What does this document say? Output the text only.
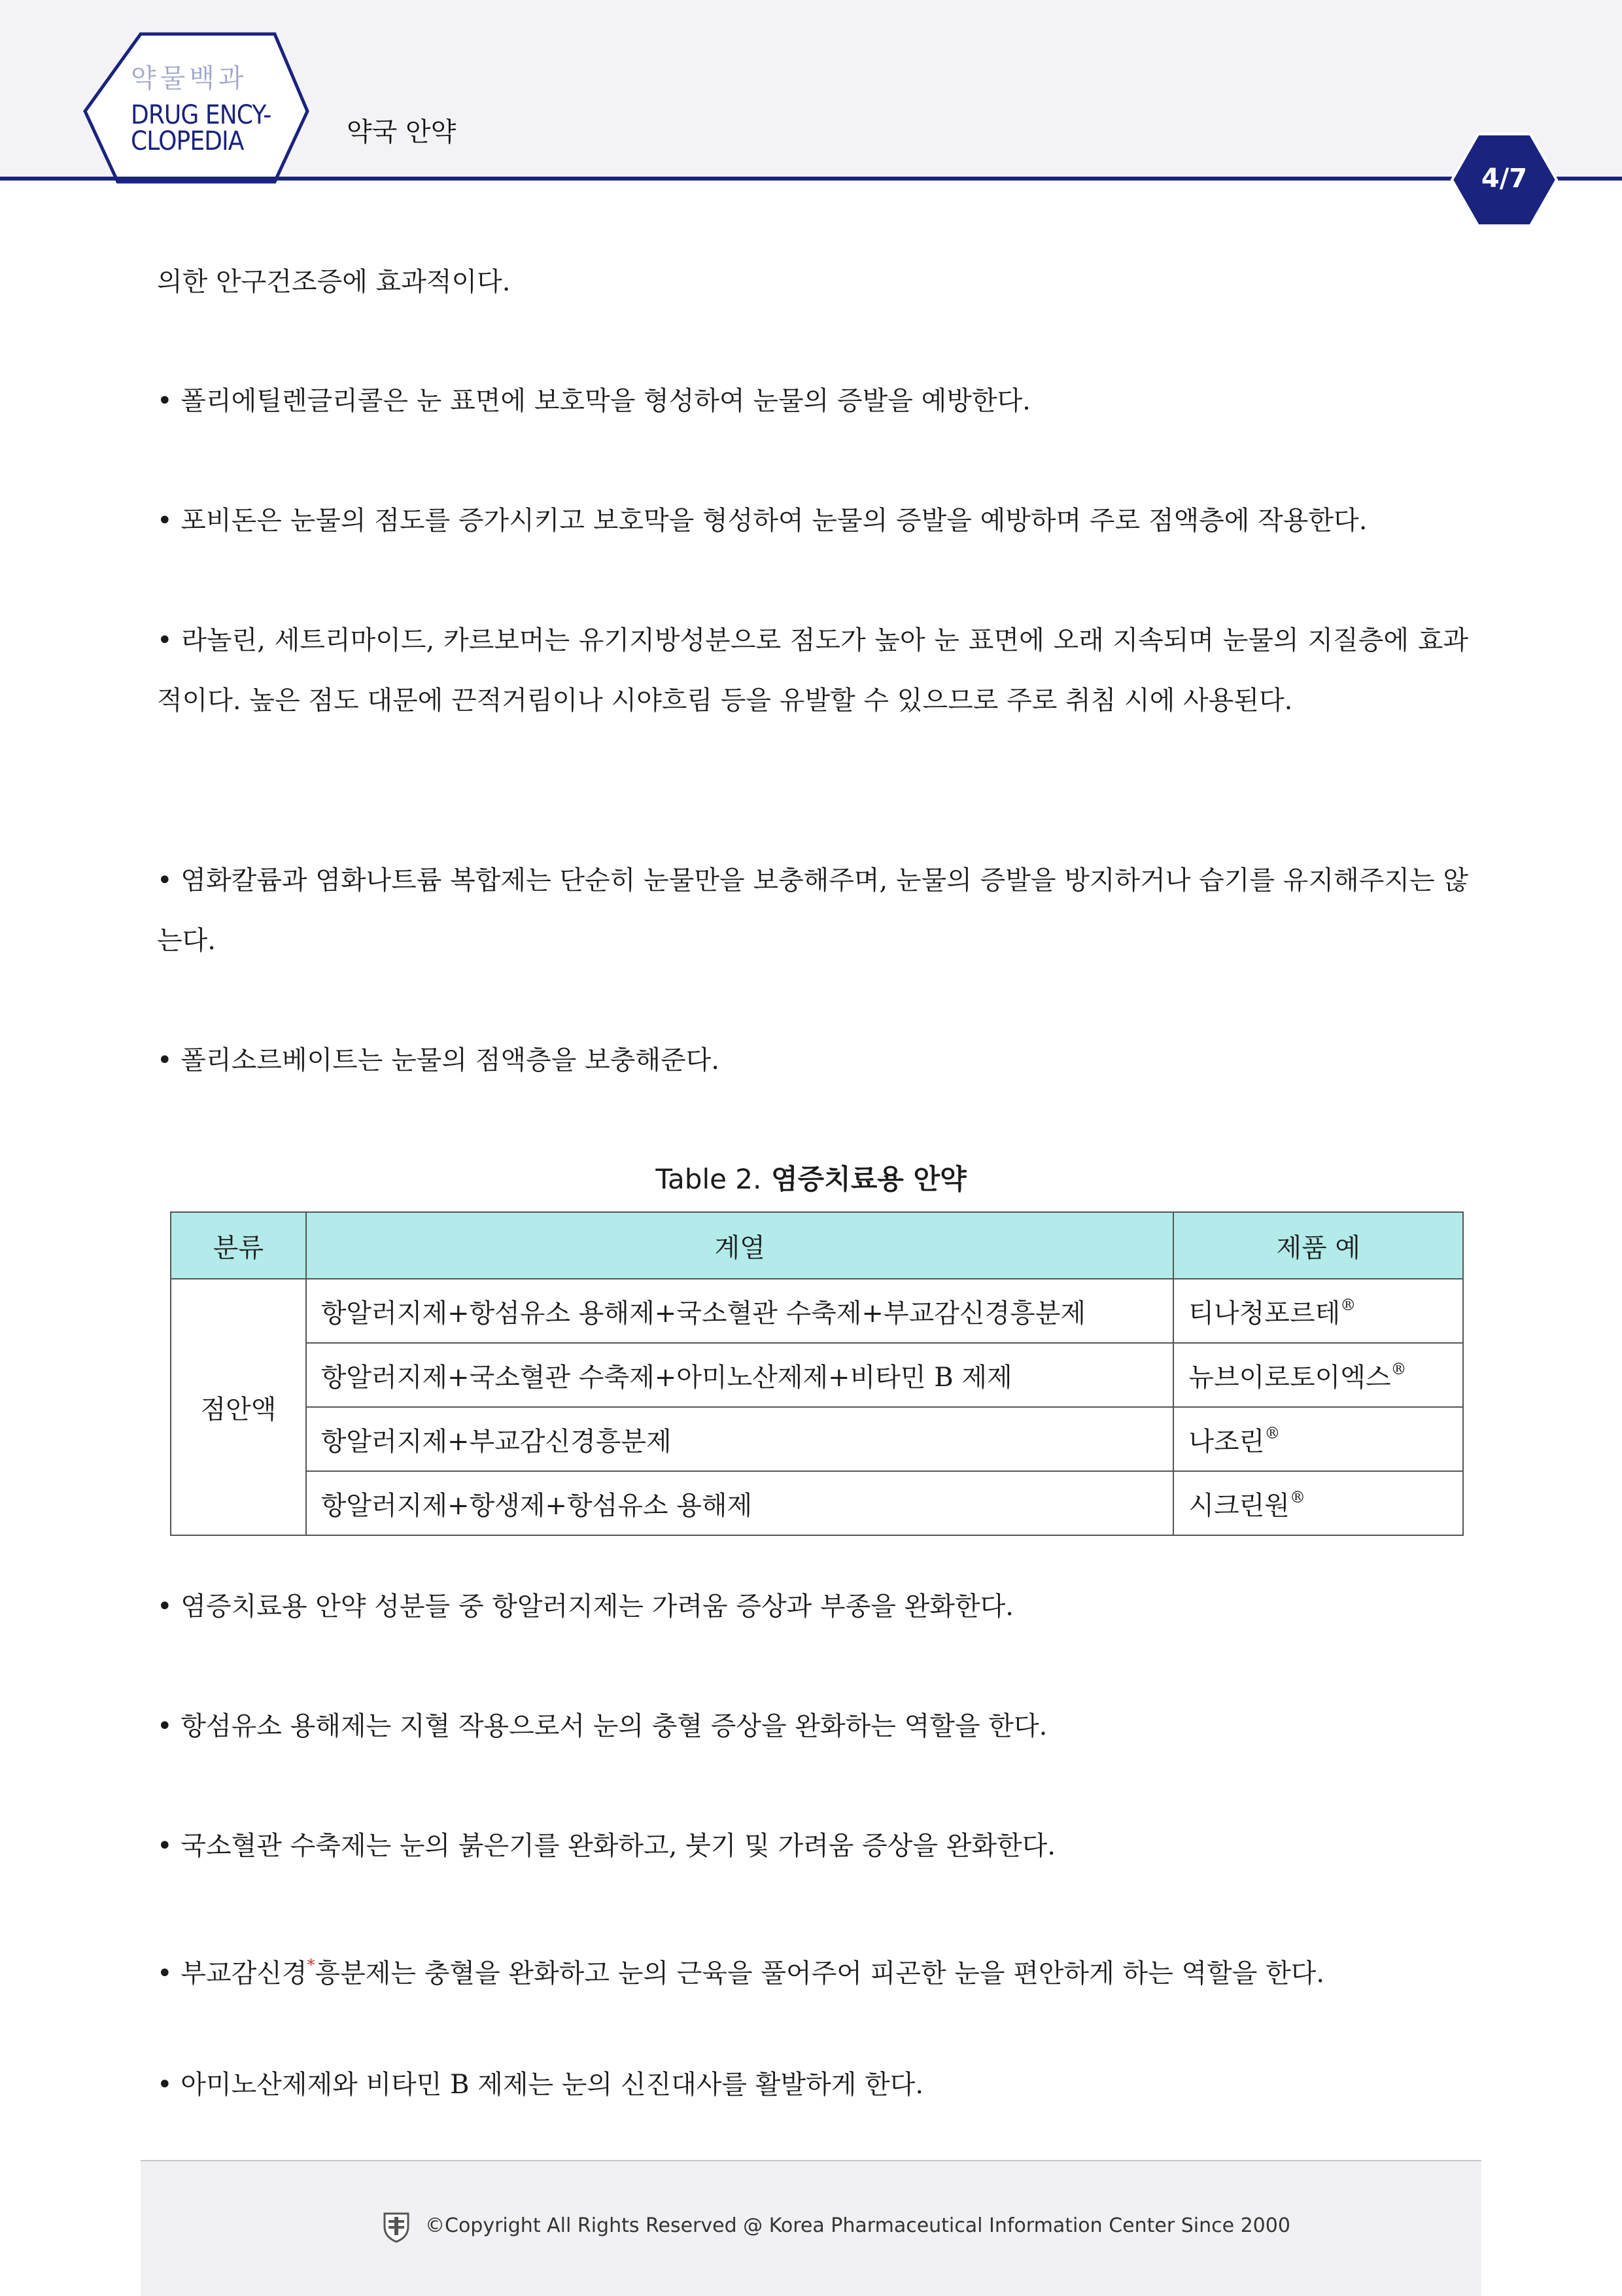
약물백과
DRUG ENCY-
CLOPEDIA	약국 안약
4/7
의한 안구건조증에 효과적이다.
• 폴리에틸렌글리콜은 눈 표면에 보호막을 형성하여 눈물의 증발을 예방한다.
• 포비돈은 눈물의 점도를 증가시키고 보호막을 형성하여 눈물의 증발을 예방하며 주로 점액층에 작용한다.
• 라놀린, 세트리마이드, 카르보머는 유기지방성분으로 점도가 높아 눈 표면에 오래 지속되며 눈물의 지질층에 효과적이다. 높은 점도 대문에 끈적거림이나 시야흐림 등을 유발할 수 있으므로 주로 취침 시에 사용된다.
• 염화칼륨과 염화나트륨 복합제는 단순히 눈물만을 보충해주며, 눈물의 증발을 방지하거나 습기를 유지해주지는 않는다.
• 폴리소르베이트는 눈물의 점액층을 보충해준다.
Table 2. 염증치료용 안약
분류	계열	제품 예
점안액	항알러지제+항섬유소 용해제+국소혈관 수축제+부교감신경흥분제	티나청포르테®
	항알러지제+국소혈관 수축제+아미노산제제+비타민 B 제제	뉴브이로토이엑스®
	항알러지제+부교감신경흥분제	나조린®
	항알러지제+항생제+항섬유소 용해제	시크린원®
• 염증치료용 안약 성분들 중 항알러지제는 가려움 증상과 부종을 완화한다.
• 항섬유소 용해제는 지혈 작용으로서 눈의 충혈 증상을 완화하는 역할을 한다.
• 국소혈관 수축제는 눈의 붉은기를 완화하고, 붓기 및 가려움 증상을 완화한다.
• 부교감신경*흥분제는 충혈을 완화하고 눈의 근육을 풀어주어 피곤한 눈을 편안하게 하는 역할을 한다.
• 아미노산제제와 비타민 B 제제는 눈의 신진대사를 활발하게 한다.
©Copyright All Rights Reserved @ Korea Pharmaceutical Information Center Since 2000
